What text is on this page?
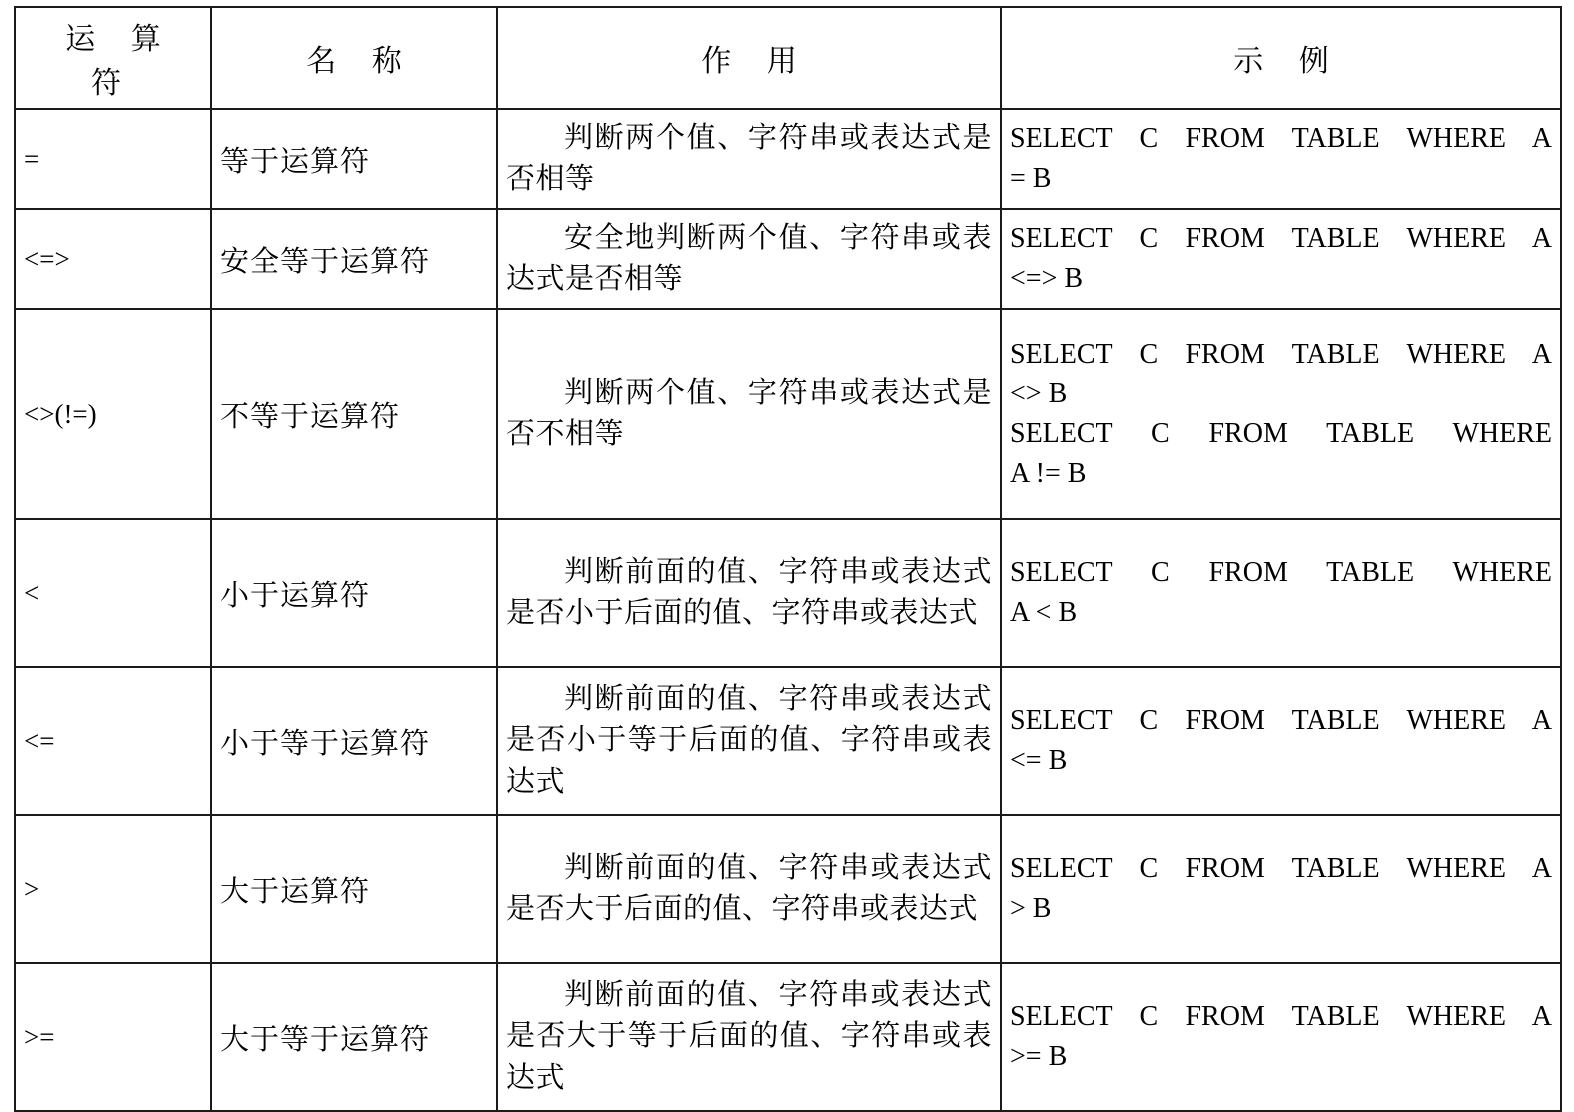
运 算 符	名 称	作 用	示 例
=	等于运算符	判断两个值、字符串或表达式是否相等	SELECT C FROM TABLE WHERE A
= B

<=>	安全等于运算符	安全地判断两个值、字符串或表达式是否相等	SELECT C FROM TABLE WHERE A
<=> B

<>(!=)	不等于运算符	判断两个值、字符串或表达式是否不相等	SELECT C FROM TABLE WHERE A
<> B
SELECT C FROM TABLE WHERE
A != B

<	小于运算符	判断前面的值、字符串或表达式是否小于后面的值、字符串或表达式	SELECT C FROM TABLE WHERE
A < B

<=	小于等于运算符	判断前面的值、字符串或表达式是否小于等于后面的值、字符串或表达式	SELECT C FROM TABLE WHERE A
<= B

>	大于运算符	判断前面的值、字符串或表达式是否大于后面的值、字符串或表达式	SELECT C FROM TABLE WHERE A
> B

>=	大于等于运算符	判断前面的值、字符串或表达式是否大于等于后面的值、字符串或表达式	SELECT C FROM TABLE WHERE A
>= B
